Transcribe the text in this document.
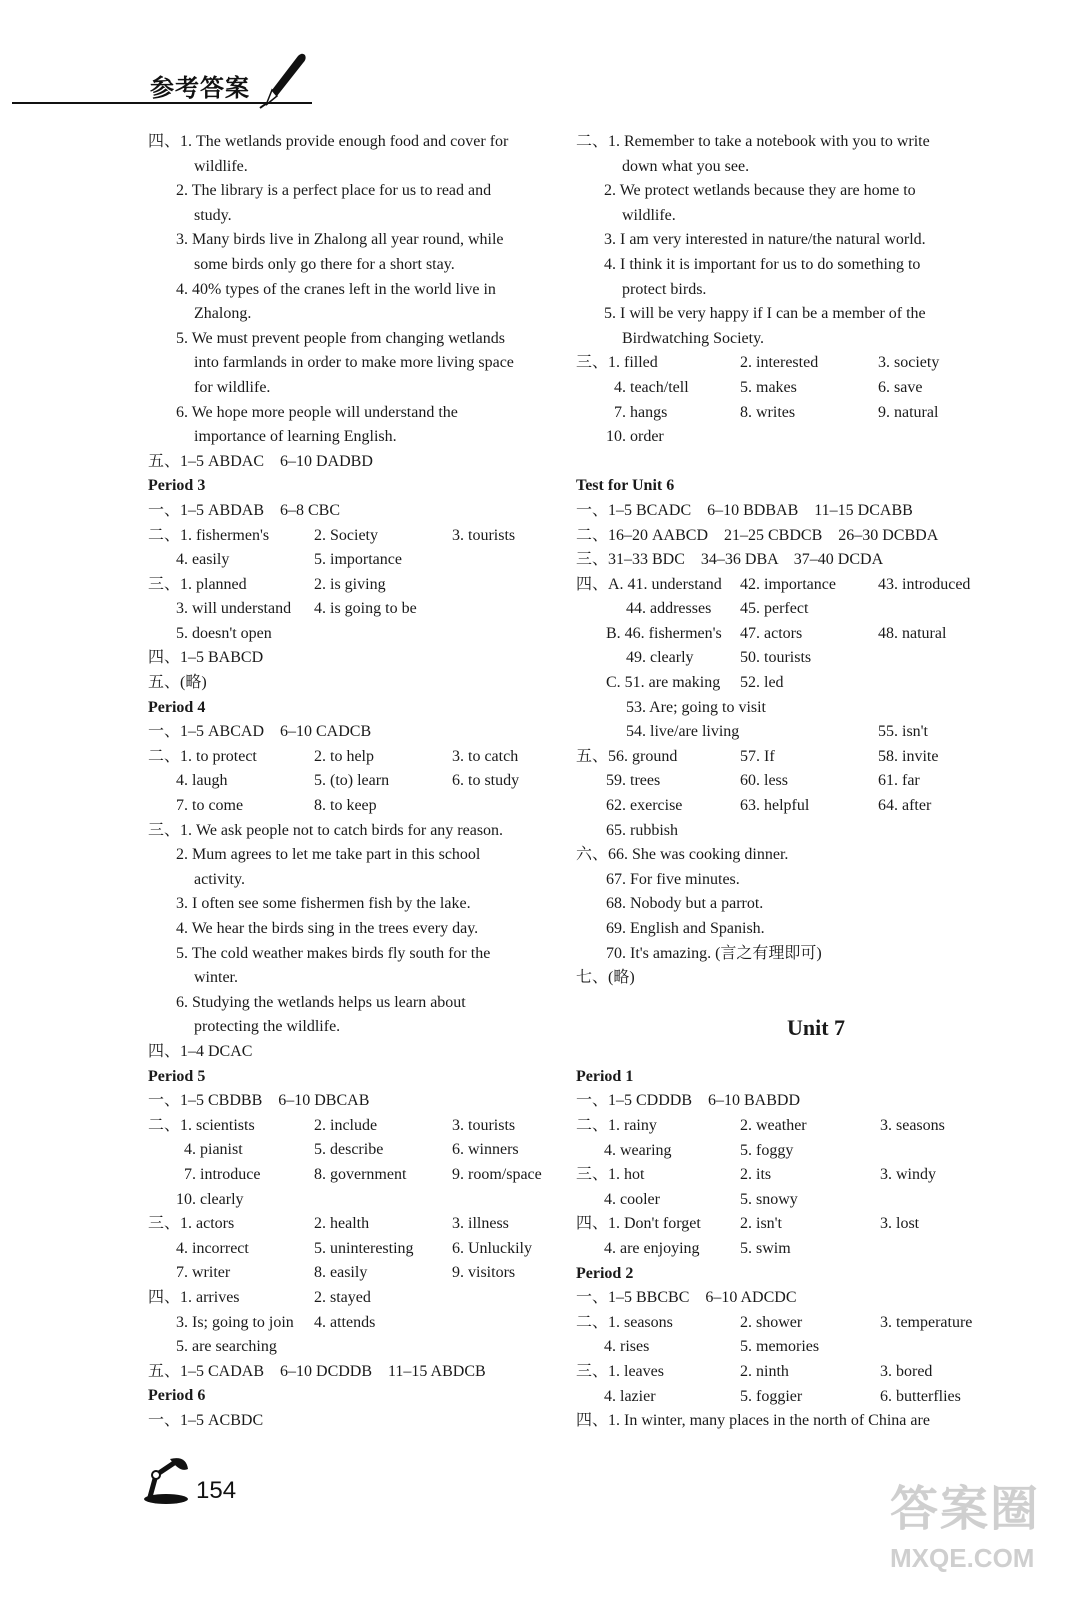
参考答案
四、1. The wetlands provide enough food and cover for
wildlife.
2. The library is a perfect place for us to read and
study.
3. Many birds live in Zhalong all year round, while
some birds only go there for a short stay.
4. 40% types of the cranes left in the world live in
Zhalong.
5. We must prevent people from changing wetlands
into farmlands in order to make more living space
for wildlife.
6. We hope more people will understand the
importance of learning English.
五、1–5 ABDAC　6–10 DADBD
Period 3
一、1–5 ABDAB　6–8 CBC
二、1. fishermen's	2. Society	3. tourists
4. easily	5. importance
三、1. planned	2. is giving
3. will understand 4. is going to be
5. doesn't open
四、1–5 BABCD
五、(略)
Period 4
一、1–5 ABCAD　6–10 CADCB
二、1. to protect	2. to help	3. to catch
4. laugh	5. (to) learn	6. to study
7. to come	8. to keep
三、1. We ask people not to catch birds for any reason.
2. Mum agrees to let me take part in this school
activity.
3. I often see some fishermen fish by the lake.
4. We hear the birds sing in the trees every day.
5. The cold weather makes birds fly south for the
winter.
6. Studying the wetlands helps us learn about
protecting the wildlife.
四、1–4 DCAC
Period 5
一、1–5 CBDBB　6–10 DBCAB
二、1. scientists	2. include	3. tourists
4. pianist	5. describe	6. winners
7. introduce	8. government	9. room/space
10. clearly
三、1. actors	2. health	3. illness
4. incorrect	5. uninteresting 6. Unluckily
7. writer	8. easily	9. visitors
四、1. arrives	2. stayed
3. Is; going to join 4. attends
5. are searching
五、1–5 CADAB　6–10 DCDDB　11–15 ABDCB
Period 6
一、1–5 ACBDC
二、1. Remember to take a notebook with you to write
down what you see.
2. We protect wetlands because they are home to
wildlife.
3. I am very interested in nature/the natural world.
4. I think it is important for us to do something to
protect birds.
5. I will be very happy if I can be a member of the
Birdwatching Society.
三、1. filled	2. interested	3. society
4. teach/tell	5. makes	6. save
7. hangs	8. writes	9. natural
10. order
Test for Unit 6
一、1–5 BCADC　6–10 BDBAB　11–15 DCABB
二、16–20 AABCD　21–25 CBDCB　26–30 DCBDA
三、31–33 BDC　34–36 DBA　37–40 DCDA
四、A. 41. understand 42. importance	43. introduced
44. addresses 45. perfect
B. 46. fishermen's 47. actors	48. natural
49. clearly	50. tourists
C. 51. are making 52. led
53. Are; going to visit
54. live/are living	55. isn't
五、56. ground	57. If	58. invite
59. trees	60. less	61. far
62. exercise	63. helpful	64. after
65. rubbish
六、66. She was cooking dinner.
67. For five minutes.
68. Nobody but a parrot.
69. English and Spanish.
70. It's amazing. (言之有理即可)
七、(略)
Unit 7
Period 1
一、1–5 CDDDB　6–10 BABDD
二、1. rainy	2. weather	3. seasons
4. wearing	5. foggy
三、1. hot	2. its	3. windy
4. cooler	5. snowy
四、1. Don't forget 2. isn't	3. lost
4. are enjoying	5. swim
Period 2
一、1–5 BBCBC　6–10 ADCDC
二、1. seasons	2. shower	3. temperature
4. rises	5. memories
三、1. leaves	2. ninth	3. bored
4. lazier	5. foggier	6. butterflies
四、1. In winter, many places in the north of China are
154	答案圈
MXQE.COM
